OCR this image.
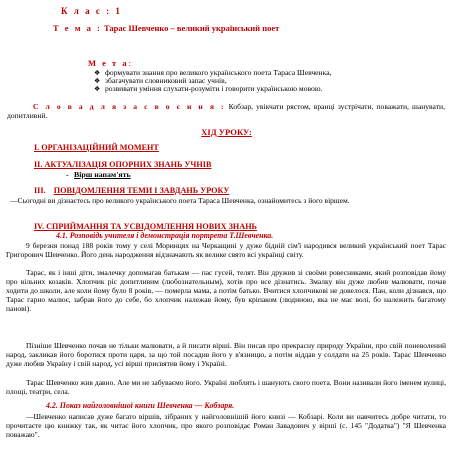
К л а с : 1
Т е м а : Тарас Шевченко – великий український поет
М е т а:
❖ формувати знання про великого українського поета Тараса Шевченка,
❖ збагачувати словниковий запас учнів,
❖ розвивати уміння слухати-розуміти і говорити українською мовою.
С л о в а д л я з а с в о є н н я : Кобзар, увікчати рястом, вранці зустрічати, поважати, шанувати, допитливий.
ХІД УРОКУ:
І. ОРГАНІЗАЦІЙНИЙ МОМЕНТ
ІІ. АКТУАЛІЗАЦІЯ ОПОРНИХ ЗНАНЬ УЧНІВ
- Вірш напам'ять
ІІІ. ПОВІДОМЛЕННЯ ТЕМИ І ЗАВДАНЬ УРОКУ
—Сьогодні ви дізнаєтесь про великого українського поета Тараса Шевченка, ознайомитесь з його віршем.
ІV. СПРИЙМАННЯ ТА УСВІДОМЛЕННЯ НОВИХ ЗНАНЬ
4.1. Розповідь учителя і демонстрація портрета Т.Шевченка.
9 березня понад 188 років тому у селі Моринцях на Черкащині у дуже бідній сім'ї народився великий український поет Тарас Григорович Шевченко. Його день народження відзначають як велике свято всі українці світу.
Тарас, як і інші діти, змалечку допомагав батькам — пас гусей, телят. Він дружив зі своїми ровесниками, який розповідав йому про вільних козаків. Хлопчик ріс допитливим (любознательным), хотів про все дізнатись. Змалку він дуже любив малювати, почав ходити до школи, але коли йому було 8 років, — померла мама, а потім батько. Вчитися хлопчикові не довелося. Пан, коли дізнався, що Тарас гарно малює, забрав його до себе, бо хлопчик належав йому, був кріпаком (людиною, яка не має волі, бо належить багатому панові).
Пізніше Шевченко почав не тільки малювати, а й писати вірші. Він писав про прекрасну природу України, про свій поневолений народ, закликав його боротися проти царя, за що той посадив його у в'язницю, а потім віддав у солдати на 25 років. Тарас Шевченко дуже любив Україну і свій народ, усі вірші присвятив йому і Україні.
Тарас Шевченко жив давно. Але ми не забуваємо його. Україні люблять і шанують свого поета. Вони називали його іменем вулиці, площі, театри, села.
4.2. Показ найголовнішої книги Шевченка — Кобзаря.
—Шевченко написав дуже багато віршів, зібраних у найголовнішій його книзі — Кобзарі. Коли ви навчитесь добре читати, то прочитаєте цю книжку так, як читає його хлопчик, про якого розповідає Роман Завадович у вірші (с. 145 "Додатка") "Я Шевченка поважаю".
